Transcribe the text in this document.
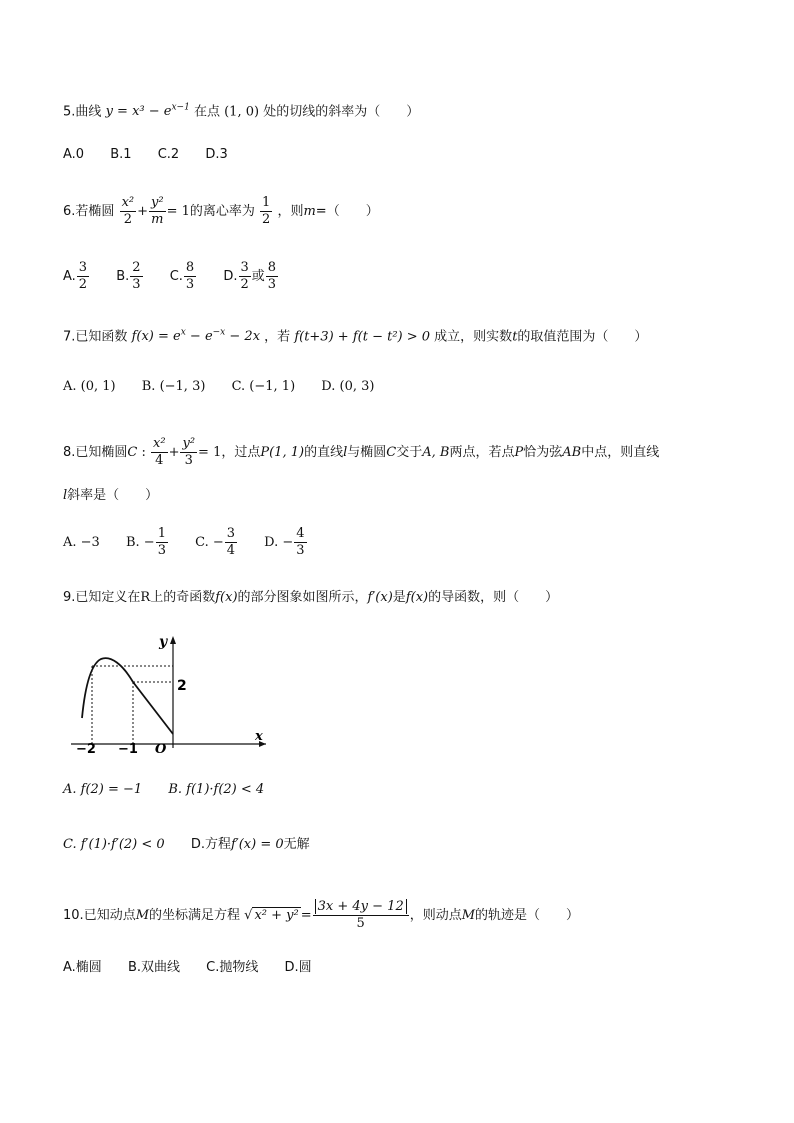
5.曲线 $y = x^3 - e^{x-1}$ 在点 (1, 0) 处的切线的斜率为（　　）
A.0 B.1 C.2 D.3
6.若椭圆 $\frac{\text{x²}}{2} + \frac{\text{y²}}{m} = 1$的离心率为 $\frac{1}{2}$ ，则m=（　　）
A. $\frac{3}{2} B$. $\frac{2}{3} C$. $\frac{8}{3} D$. $\frac{3}{2}$ 或 $\frac{8}{3}$
7.已知函数 $f(x) = e^x - e^{-x} - 2x$ ，若 f(t+3) + f(t − t²) > 0 成立，则实数t的取值范围为（　　）
A. (0, 1) B. (−1, 3) C. (−1, 1) D. (0, 3)
8.已知椭圆C : $\frac{\text{x²}}{4} + \frac{\text{y²}}{3} = 1$，过点P(1, 1)的直线l与椭圆C交于A, B两点，若点P恰为弦AB中点，则直线
l斜率是（　　）
A. −3 B. − $\frac{1}{3} C$. − $\frac{3}{4} D$. − $\frac{4}{3}$
9.已知定义在R上的奇函数f(x)的部分图象如图所示，f′(x)是f(x)的导函数，则（　　）
y
x
2
−2 −1 O
A. f(2) = −1 B. f(1)·f(2) < 4
C. f′(1)·f′(2) < 0 D.方程f′(x) = 0无解
10.已知动点M的坐标满足方程 √ $x^2 + y^2 = \frac{3x + 4y - 12}{5}$ ，则动点M的轨迹是（　　）
A.椭圆 B.双曲线 C.抛物线 D.圆
